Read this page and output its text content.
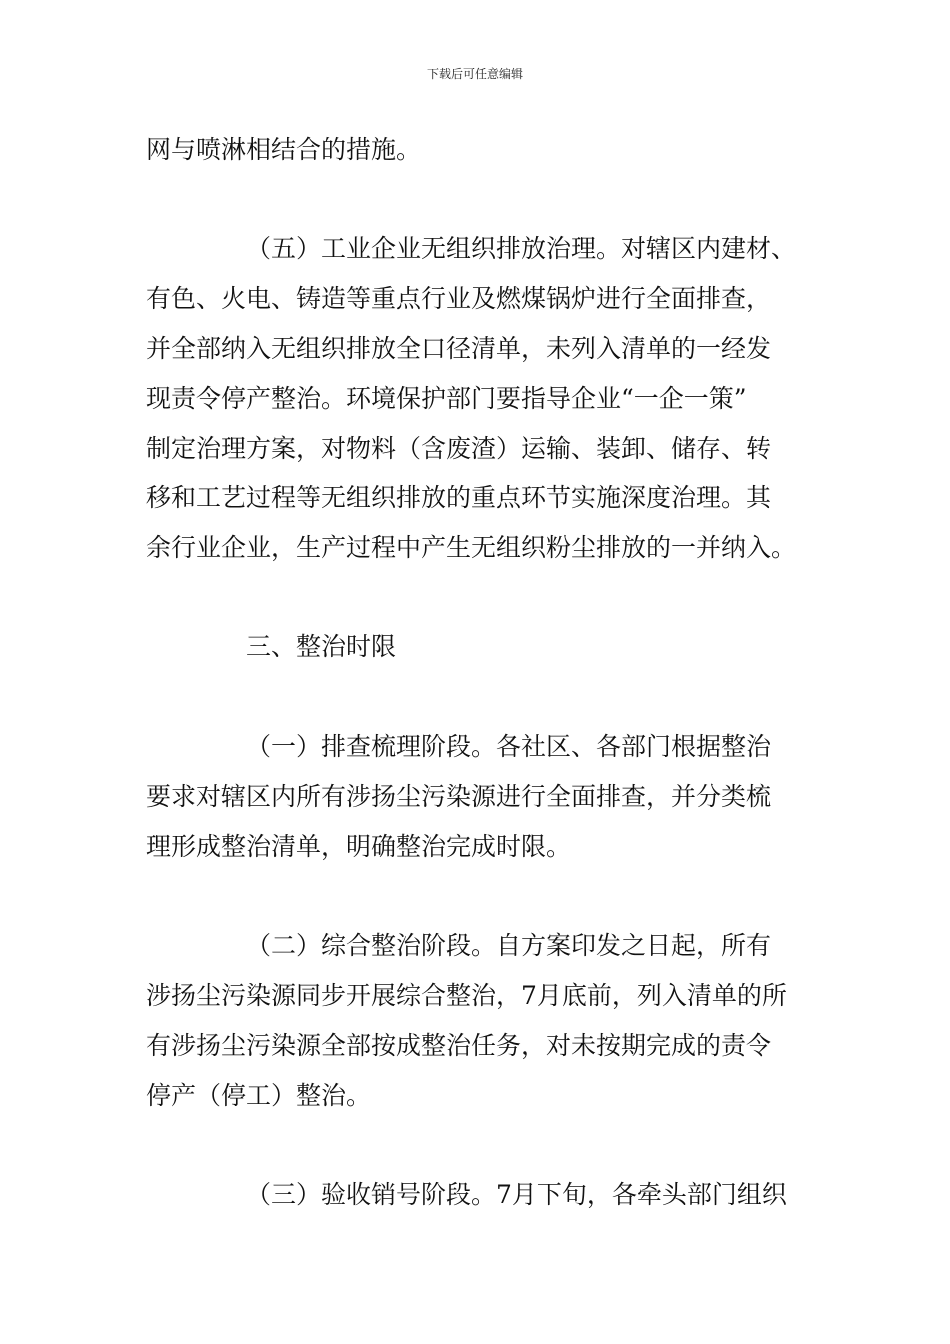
下载后可任意编辑
网与喷淋相结合的措施。
（五）工业企业无组织排放治理。对辖区内建材、
有色、火电、铸造等重点行业及燃煤锅炉进行全面排查，
并全部纳入无组织排放全口径清单，未列入清单的一经发
现责令停产整治。环境保护部门要指导企业“一企一策”
制定治理方案，对物料（含废渣）运输、装卸、储存、转
移和工艺过程等无组织排放的重点环节实施深度治理。其
余行业企业，生产过程中产生无组织粉尘排放的一并纳入。
三、整治时限
（一）排查梳理阶段。各社区、各部门根据整治
要求对辖区内所有涉扬尘污染源进行全面排查，并分类梳
理形成整治清单，明确整治完成时限。
（二）综合整治阶段。自方案印发之日起，所有
涉扬尘污染源同步开展综合整治，7月底前，列入清单的所
有涉扬尘污染源全部按成整治任务，对未按期完成的责令
停产（停工）整治。
（三）验收销号阶段。7月下旬，各牵头部门组织
